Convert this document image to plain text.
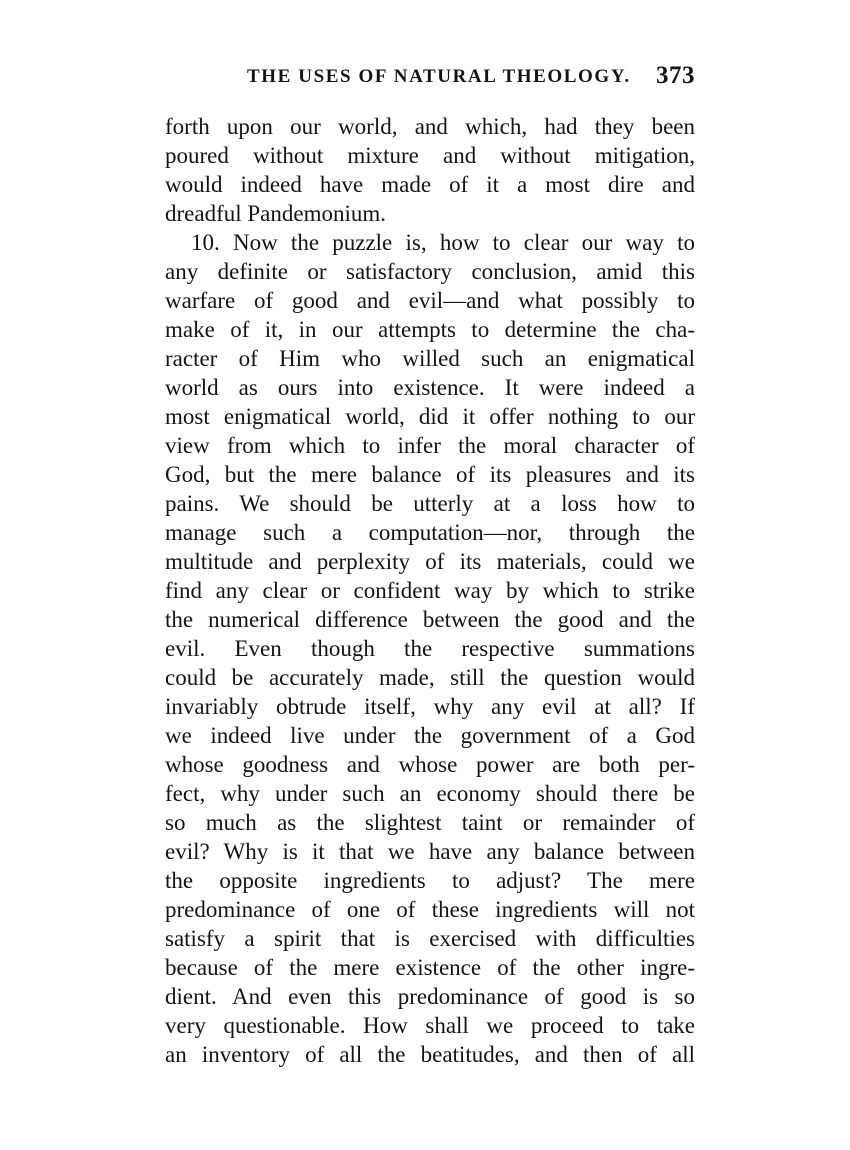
THE USES OF NATURAL THEOLOGY. 373
forth upon our world, and which, had they been
poured without mixture and without mitigation,
would indeed have made of it a most dire and
dreadful Pandemonium.
10. Now the puzzle is, how to clear our way to
any definite or satisfactory conclusion, amid this
warfare of good and evil—and what possibly to
make of it, in our attempts to determine the cha-
racter of Him who willed such an enigmatical
world as ours into existence. It were indeed a
most enigmatical world, did it offer nothing to our
view from which to infer the moral character of
God, but the mere balance of its pleasures and its
pains. We should be utterly at a loss how to
manage such a computation—nor, through the
multitude and perplexity of its materials, could we
find any clear or confident way by which to strike
the numerical difference between the good and the
evil. Even though the respective summations
could be accurately made, still the question would
invariably obtrude itself, why any evil at all? If
we indeed live under the government of a God
whose goodness and whose power are both per-
fect, why under such an economy should there be
so much as the slightest taint or remainder of
evil? Why is it that we have any balance between
the opposite ingredients to adjust? The mere
predominance of one of these ingredients will not
satisfy a spirit that is exercised with difficulties
because of the mere existence of the other ingre-
dient. And even this predominance of good is so
very questionable. How shall we proceed to take
an inventory of all the beatitudes, and then of all
